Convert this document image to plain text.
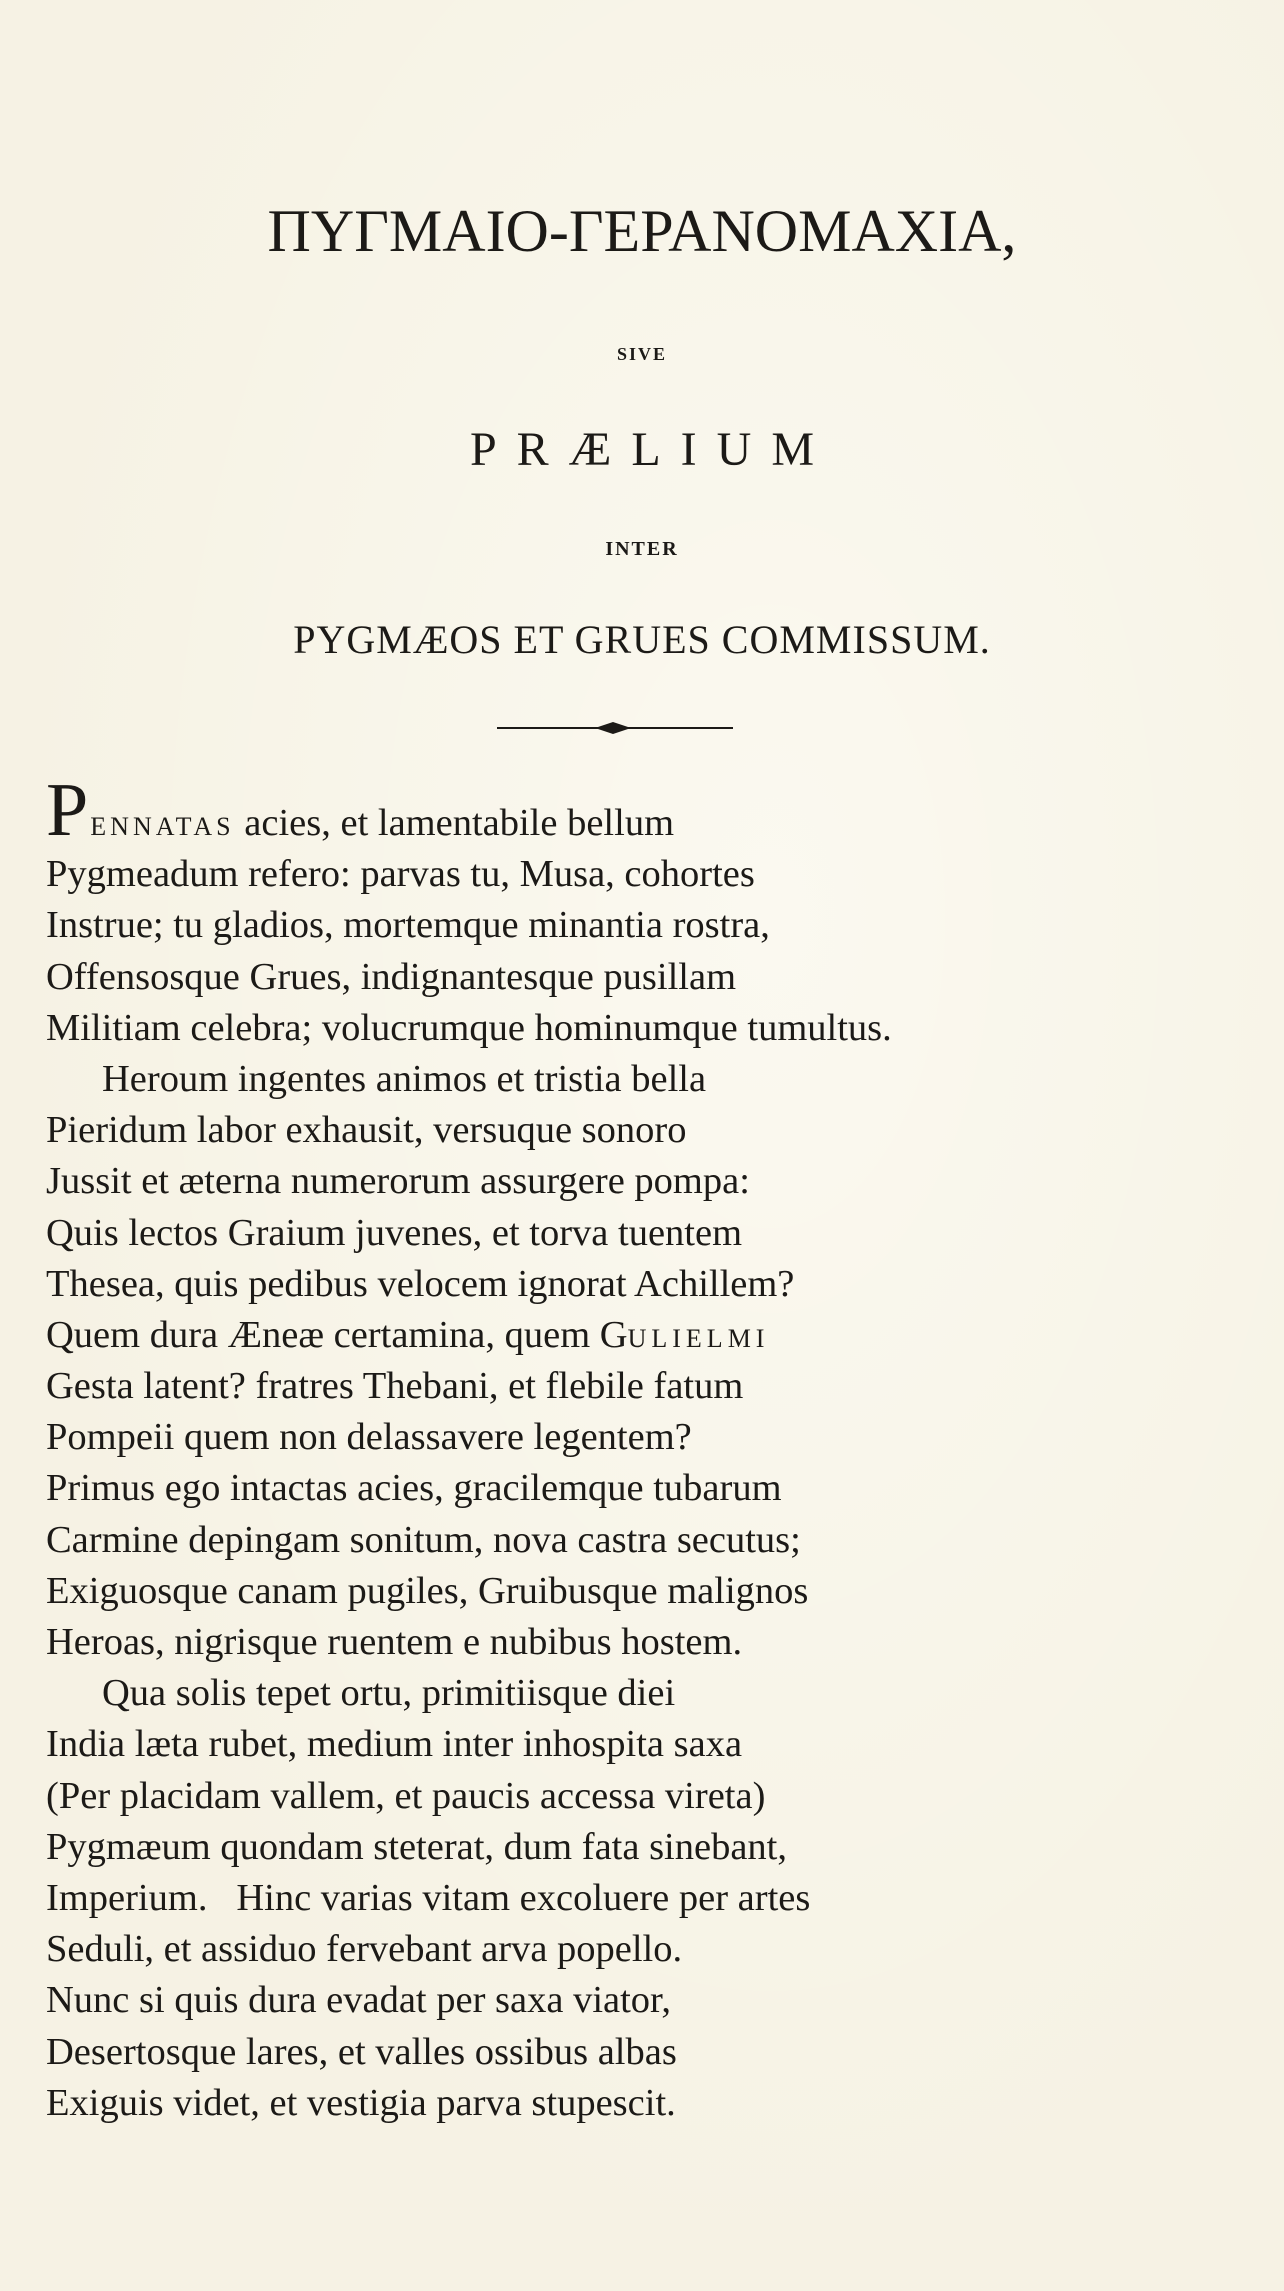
ΠΥΓΜΑΙΟ-ΓΕΡΑΝΟΜΑΧΙΑ,
SIVE
PRÆLIUM
INTER
PYGMÆOS ET GRUES COMMISSUM.
PENNATAS acies, et lamentabile bellum
Pygmeadum refero: parvas tu, Musa, cohortes
Instrue; tu gladios, mortemque minantia rostra,
Offensosque Grues, indignantesque pusillam
Militiam celebra; volucrumque hominumque tumultus.
Heroum ingentes animos et tristia bella
Pieridum labor exhausit, versuque sonoro
Jussit et æterna numerorum assurgere pompa:
Quis lectos Graium juvenes, et torva tuentem
Thesea, quis pedibus velocem ignorat Achillem?
Quem dura Æneæ certamina, quem GULIELMI
Gesta latent? fratres Thebani, et flebile fatum
Pompeii quem non delassavere legentem?
Primus ego intactas acies, gracilemque tubarum
Carmine depingam sonitum, nova castra secutus;
Exiguosque canam pugiles, Gruibusque malignos
Heroas, nigrisque ruentem e nubibus hostem.
Qua solis tepet ortu, primitiisque diei
India læta rubet, medium inter inhospita saxa
(Per placidam vallem, et paucis accessa vireta)
Pygmæum quondam steterat, dum fata sinebant,
Imperium.   Hinc varias vitam excoluere per artes
Seduli, et assiduo fervebant arva popello.
Nunc si quis dura evadat per saxa viator,
Desertosque lares, et valles ossibus albas
Exiguis videt, et vestigia parva stupescit.
